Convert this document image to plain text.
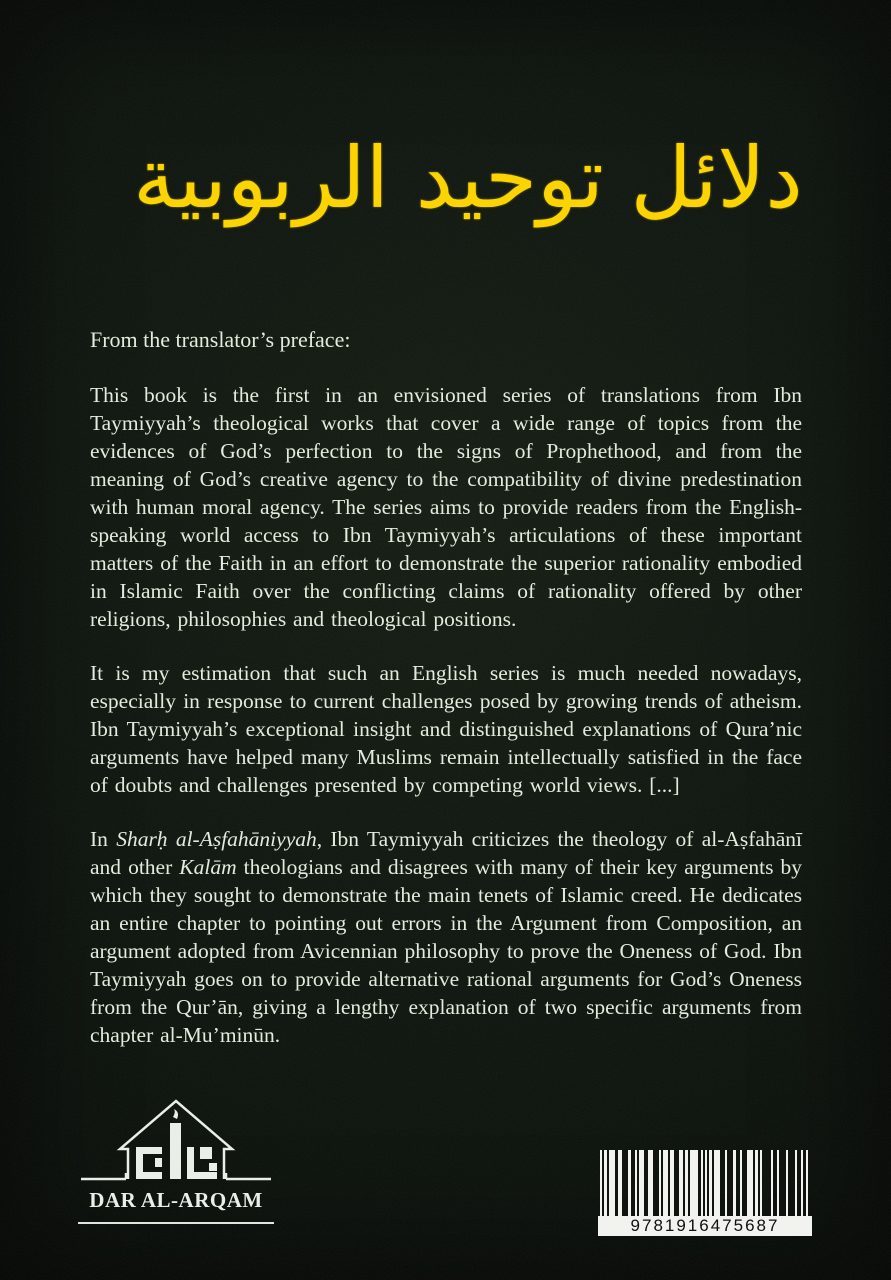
دلائل توحيد الربوبية

From the translator’s preface:

This book is the first in an envisioned series of translations from Ibn Taymiyyah’s theological works that cover a wide range of topics from the evidences of God’s perfection to the signs of Prophethood, and from the meaning of God’s creative agency to the compatibility of divine predestination with human moral agency. The series aims to provide readers from the English-speaking world access to Ibn Taymiyyah’s articulations of these important matters of the Faith in an effort to demonstrate the superior rationality embodied in Islamic Faith over the conflicting claims of rationality offered by other religions, philosophies and theological positions.

It is my estimation that such an English series is much needed nowadays, especially in response to current challenges posed by growing trends of atheism. Ibn Taymiyyah’s exceptional insight and distinguished explanations of Qura’nic arguments have helped many Muslims remain intellectually satisfied in the face of doubts and challenges presented by competing world views. [...]

In Sharḥ al-Aṣfahāniyyah, Ibn Taymiyyah criticizes the theology of al-Aṣfahānī and other Kalām theologians and disagrees with many of their key arguments by which they sought to demonstrate the main tenets of Islamic creed. He dedicates an entire chapter to pointing out errors in the Argument from Composition, an argument adopted from Avicennian philosophy to prove the Oneness of God. Ibn Taymiyyah goes on to provide alternative rational arguments for God’s Oneness from the Qur’ān, giving a lengthy explanation of two specific arguments from chapter al-Mu’minūn.

DAR AL-ARQAM
9781916475687
